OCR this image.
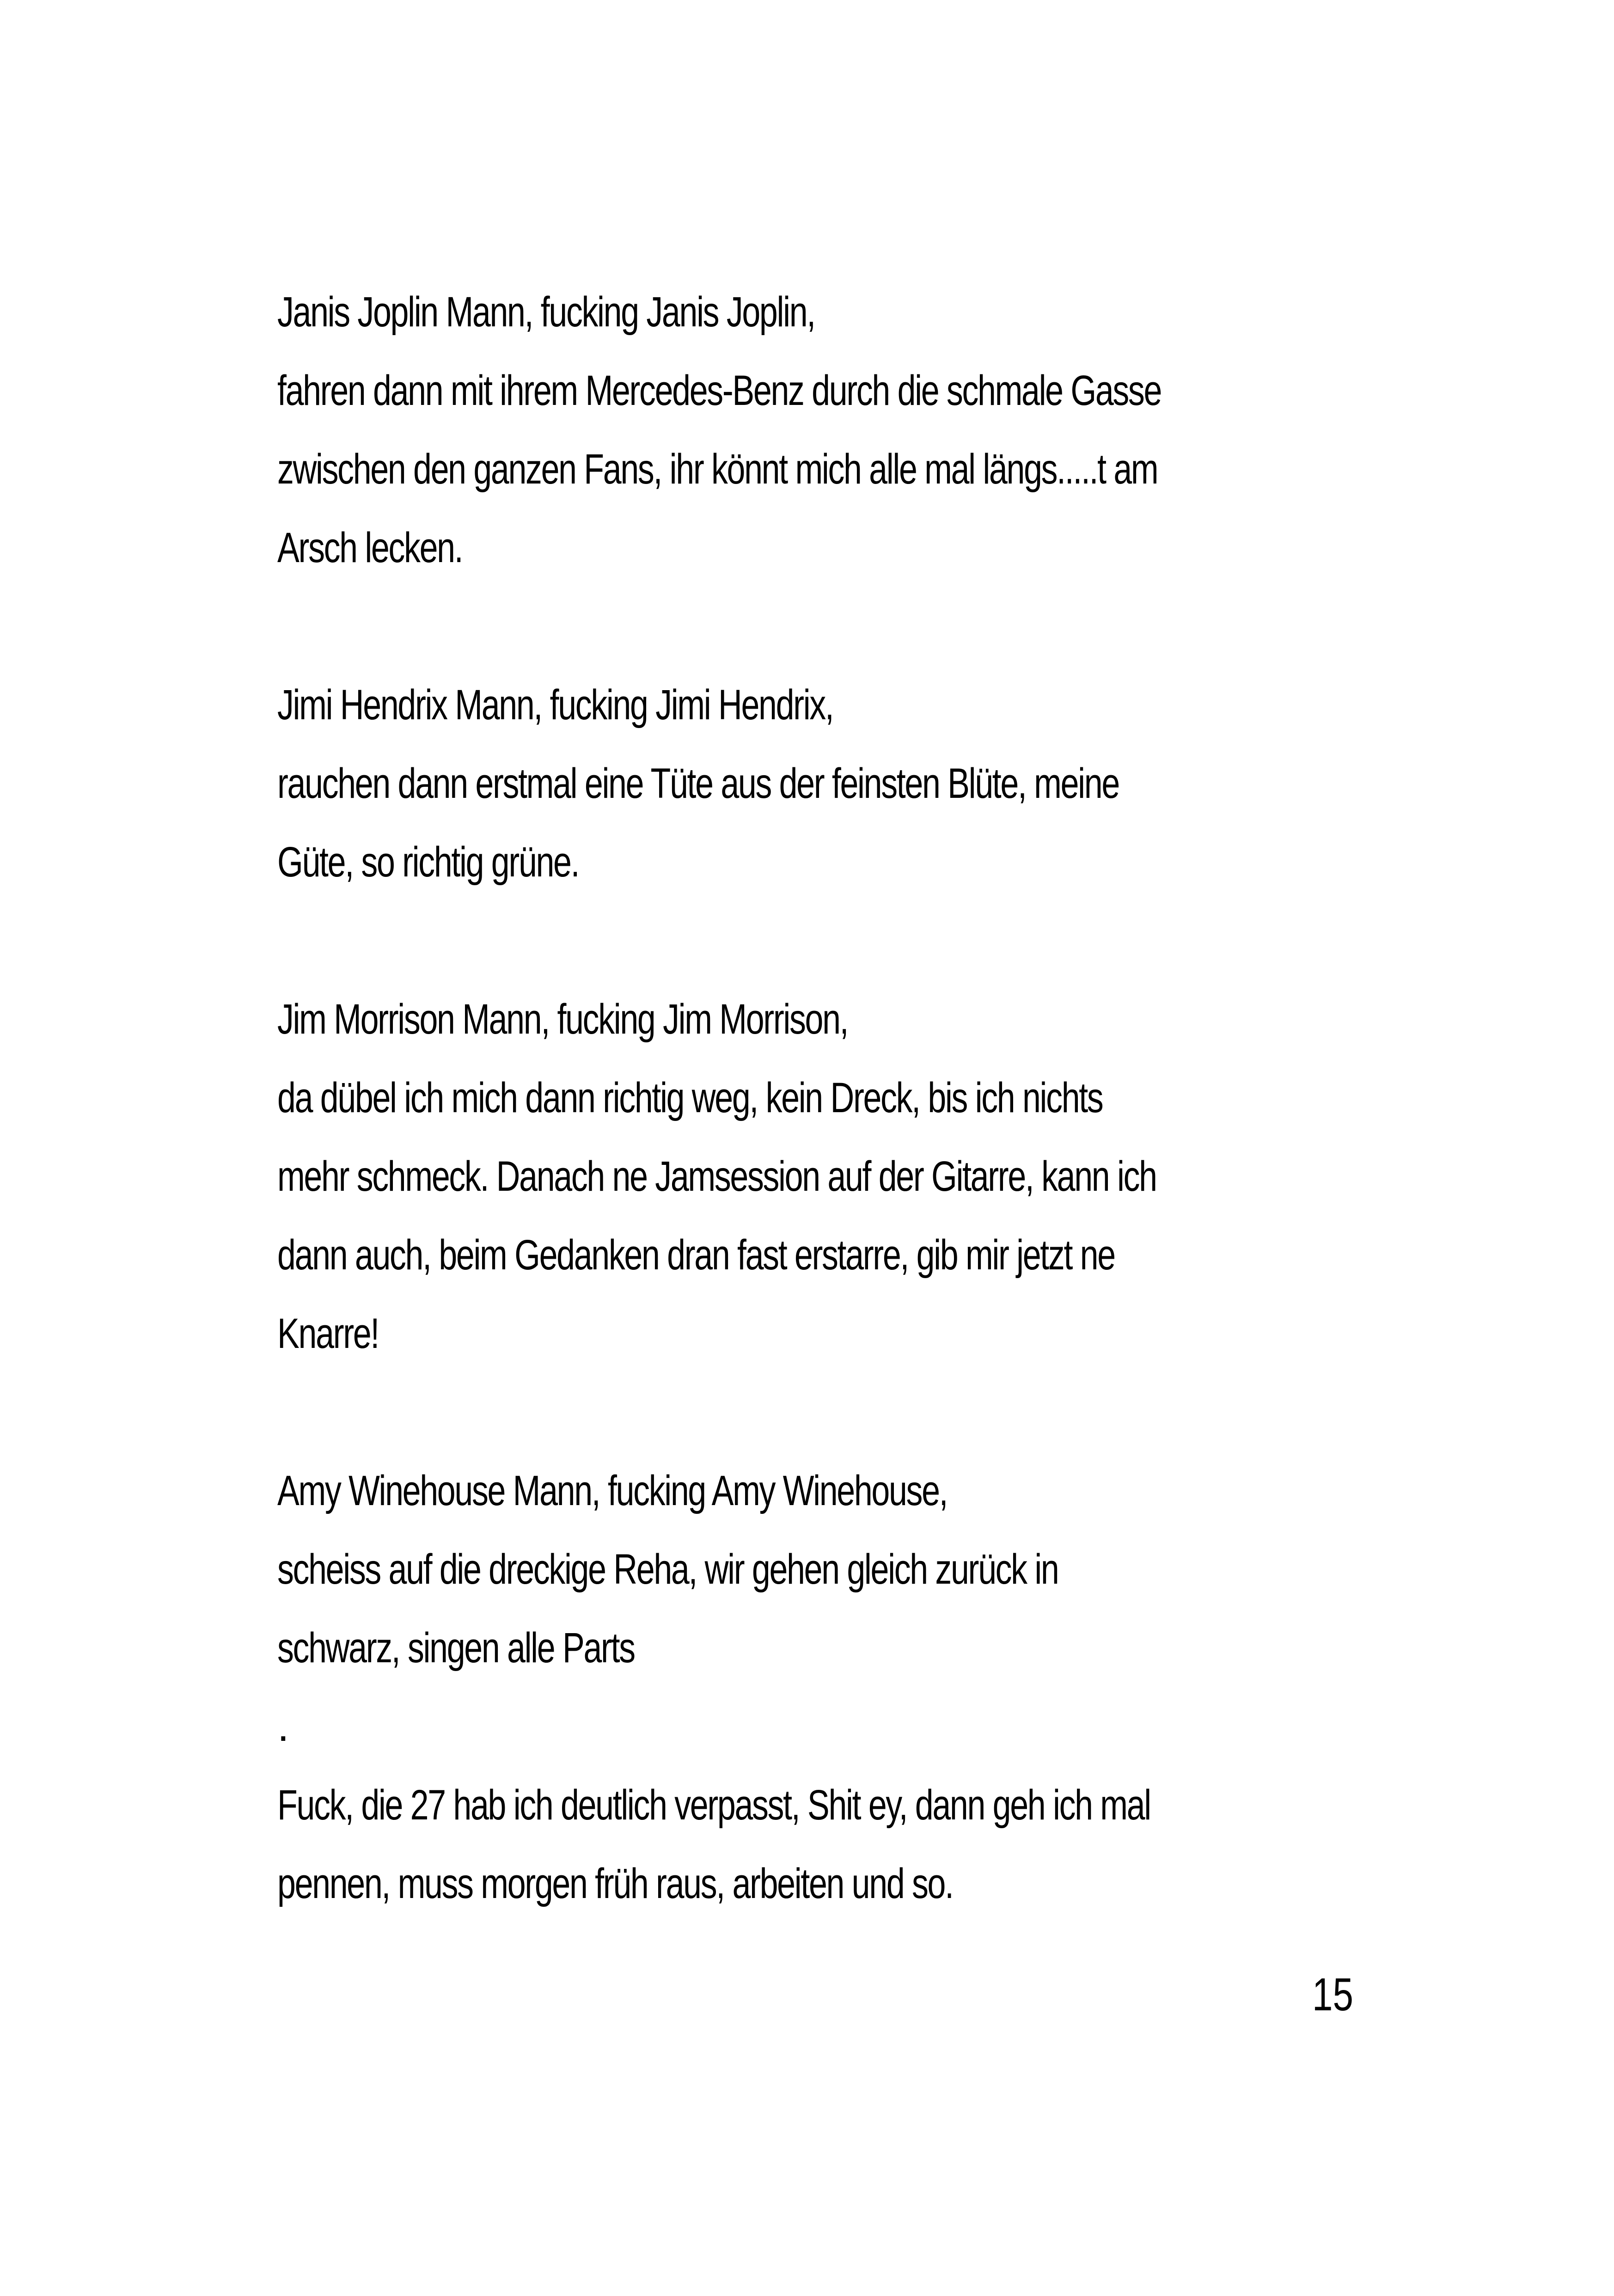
Janis Joplin Mann, fucking Janis Joplin,
fahren dann mit ihrem Mercedes-Benz durch die schmale Gasse
zwischen den ganzen Fans, ihr könnt mich alle mal längs.....t am
Arsch lecken.
Jimi Hendrix Mann, fucking Jimi Hendrix,
rauchen dann erstmal eine Tüte aus der feinsten Blüte, meine
Güte, so richtig grüne.
Jim Morrison Mann, fucking Jim Morrison,
da dübel ich mich dann richtig weg, kein Dreck, bis ich nichts
mehr schmeck. Danach ne Jamsession auf der Gitarre, kann ich
dann auch, beim Gedanken dran fast erstarre, gib mir jetzt ne
Knarre!
Amy Winehouse Mann, fucking Amy Winehouse,
scheiss auf die dreckige Reha, wir gehen gleich zurück in
schwarz, singen alle Parts
.
Fuck, die 27 hab ich deutlich verpasst, Shit ey, dann geh ich mal
pennen, muss morgen früh raus, arbeiten und so.
15
